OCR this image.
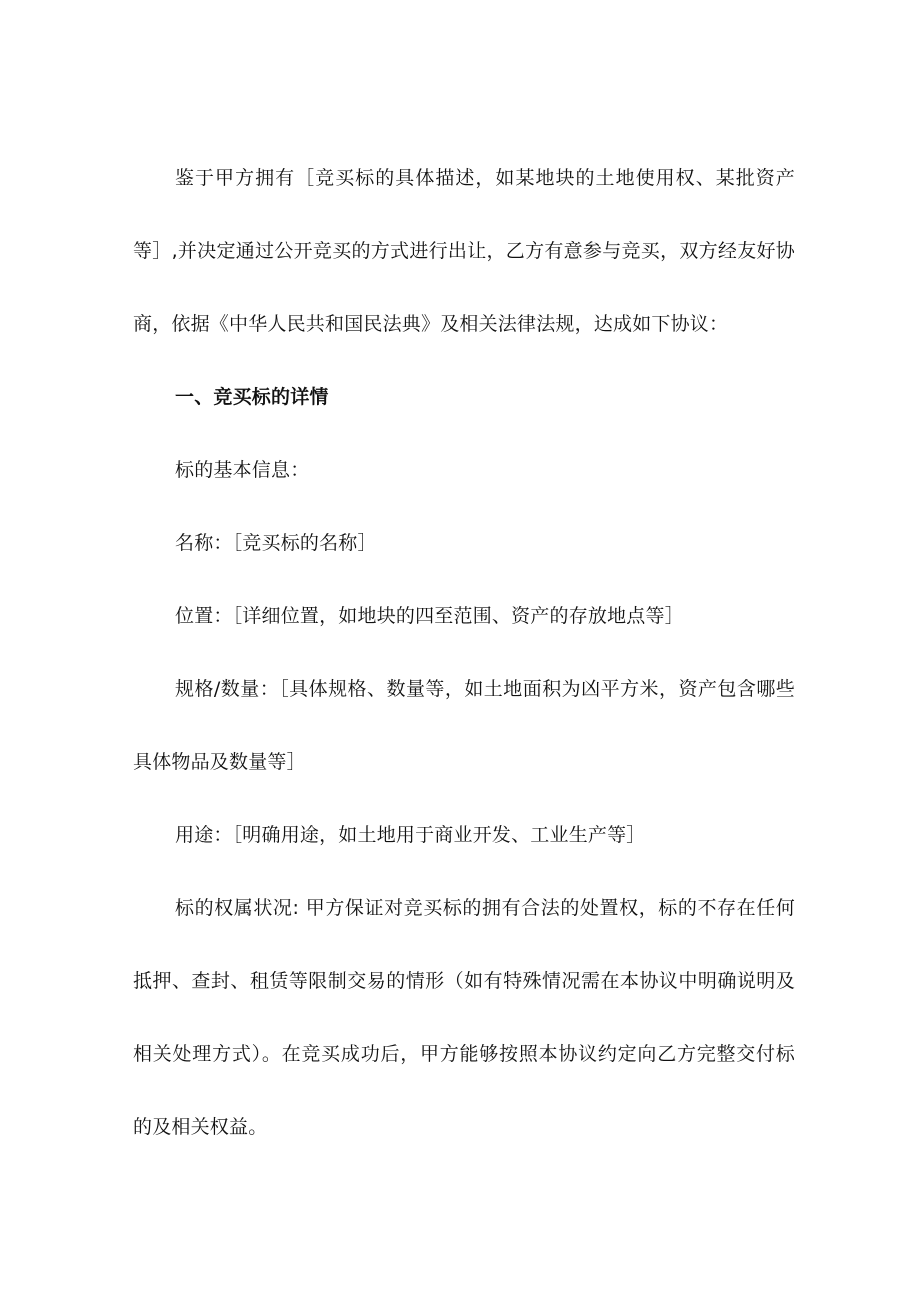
鉴于甲方拥有［竞买标的具体描述，如某地块的土地使用权、某批资产等］,并决定通过公开竞买的方式进行出让，乙方有意参与竞买，双方经友好协商，依据《中华人民共和国民法典》及相关法律法规，达成如下协议：

一、竞买标的详情

标的基本信息：

名称：［竞买标的名称］

位置：［详细位置，如地块的四至范围、资产的存放地点等］

规格/数量：［具体规格、数量等，如土地面积为凶平方米，资产包含哪些具体物品及数量等］

用途：［明确用途，如土地用于商业开发、工业生产等］

标的权属状况: 甲方保证对竞买标的拥有合法的处置权，标的不存在任何抵押、查封、租赁等限制交易的情形（如有特殊情况需在本协议中明确说明及相关处理方式）。在竞买成功后，甲方能够按照本协议约定向乙方完整交付标的及相关权益。
